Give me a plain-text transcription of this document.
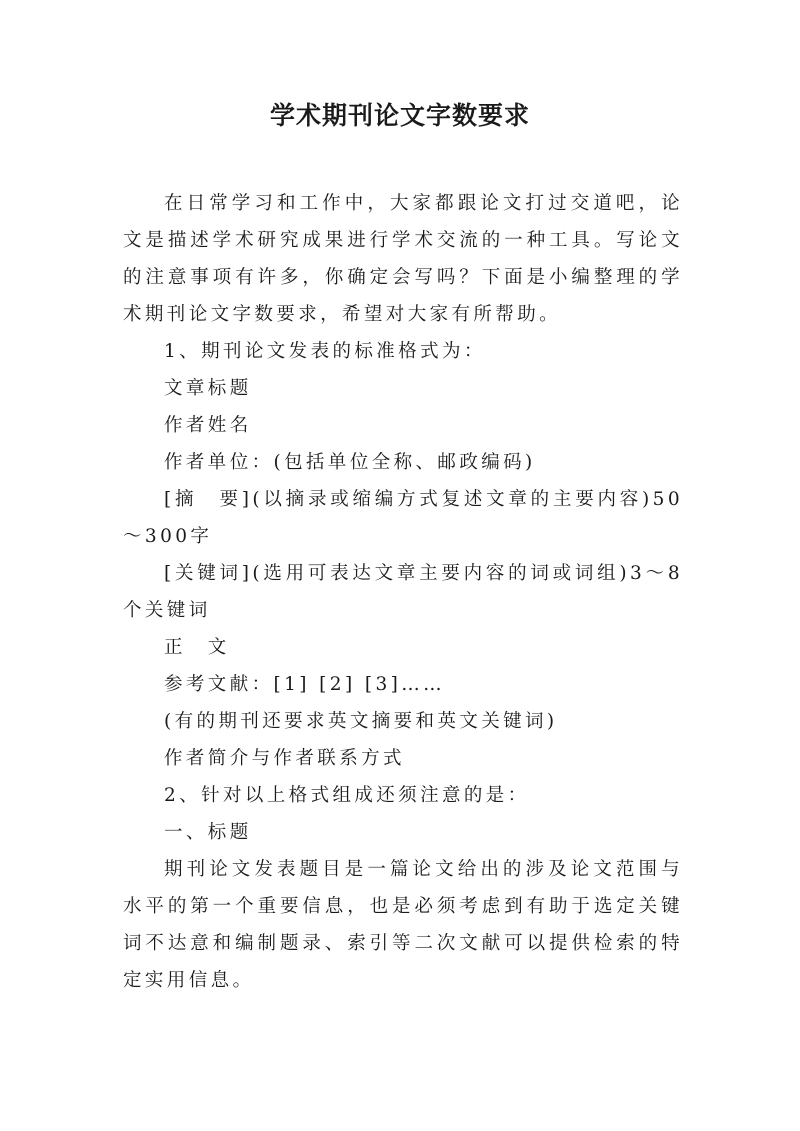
学术期刊论文字数要求

在日常学习和工作中，大家都跟论文打过交道吧，论文是描述学术研究成果进行学术交流的一种工具。写论文的注意事项有许多，你确定会写吗？下面是小编整理的学术期刊论文字数要求，希望对大家有所帮助。

1、期刊论文发表的标准格式为：

文章标题

作者姓名

作者单位：(包括单位全称、邮政编码)

[摘　要](以摘录或缩编方式复述文章的主要内容)50～300字

[关键词](选用可表达文章主要内容的词或词组)3～8个关键词

正　文

参考文献：[1] [2] [3]……

(有的期刊还要求英文摘要和英文关键词)

作者简介与作者联系方式

2、针对以上格式组成还须注意的是：

一、标题

期刊论文发表题目是一篇论文给出的涉及论文范围与水平的第一个重要信息，也是必须考虑到有助于选定关键词不达意和编制题录、索引等二次文献可以提供检索的特定实用信息。
